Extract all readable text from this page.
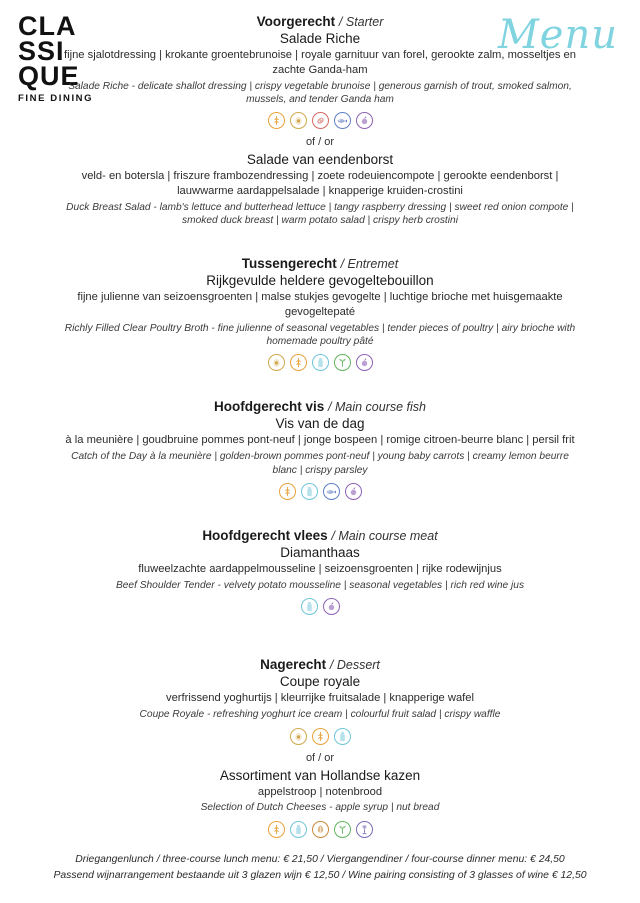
CLA
SSI
QUE
FINE DINING
Menu
Voorgerecht / Starter
Salade Riche
fijne sjalotdressing | krokante groentebrunoise | royale garnituur van forel, gerookte zalm, mosseltjes en zachte Ganda-ham
Salade Riche - delicate shallot dressing | crispy vegetable brunoise | generous garnish of trout, smoked salmon, mussels, and tender Ganda ham
of / or
Salade van eendenborst
veld- en botersla | friszure frambozendressing | zoete rodeuiencompote | gerookte eendenborst | lauwwarme aardappelsalade | knapperige kruiden-crostini
Duck Breast Salad - lamb's lettuce and butterhead lettuce | tangy raspberry dressing | sweet red onion compote | smoked duck breast | warm potato salad | crispy herb crostini
Tussengerecht / Entremet
Rijkgevulde heldere gevogeltebouillon
fijne julienne van seizoensgroenten | malse stukjes gevogelte | luchtige brioche met huisgemaakte gevogeltepaté
Richly Filled Clear Poultry Broth - fine julienne of seasonal vegetables | tender pieces of poultry | airy brioche with homemade poultry pâté
Hoofdgerecht vis / Main course fish
Vis van de dag
à la meunière | goudbruine pommes pont-neuf | jonge bospeen | romige citroen-beurre blanc | persil frit
Catch of the Day à la meunière | golden-brown pommes pont-neuf | young baby carrots | creamy lemon beurre blanc | crispy parsley
Hoofdgerecht vlees / Main course meat
Diamanthaas
fluweelzachte aardappelmousseline | seizoensgroenten | rijke rodewijnjus
Beef Shoulder Tender - velvety potato mousseline | seasonal vegetables | rich red wine jus
Nagerecht / Dessert
Coupe royale
verfrissend yoghurtijs | kleurrijke fruitsalade | knapperige wafel
Coupe Royale - refreshing yoghurt ice cream | colourful fruit salad | crispy waffle
of / or
Assortiment van Hollandse kazen
appelstroop | notenbrood
Selection of Dutch Cheeses - apple syrup | nut bread
Driegangenlunch / three-course lunch menu: € 21,50 / Viergangendiner / four-course dinner menu: € 24,50
Passend wijnarrangement bestaande uit 3 glazen wijn € 12,50 / Wine pairing consisting of 3 glasses of wine € 12,50
